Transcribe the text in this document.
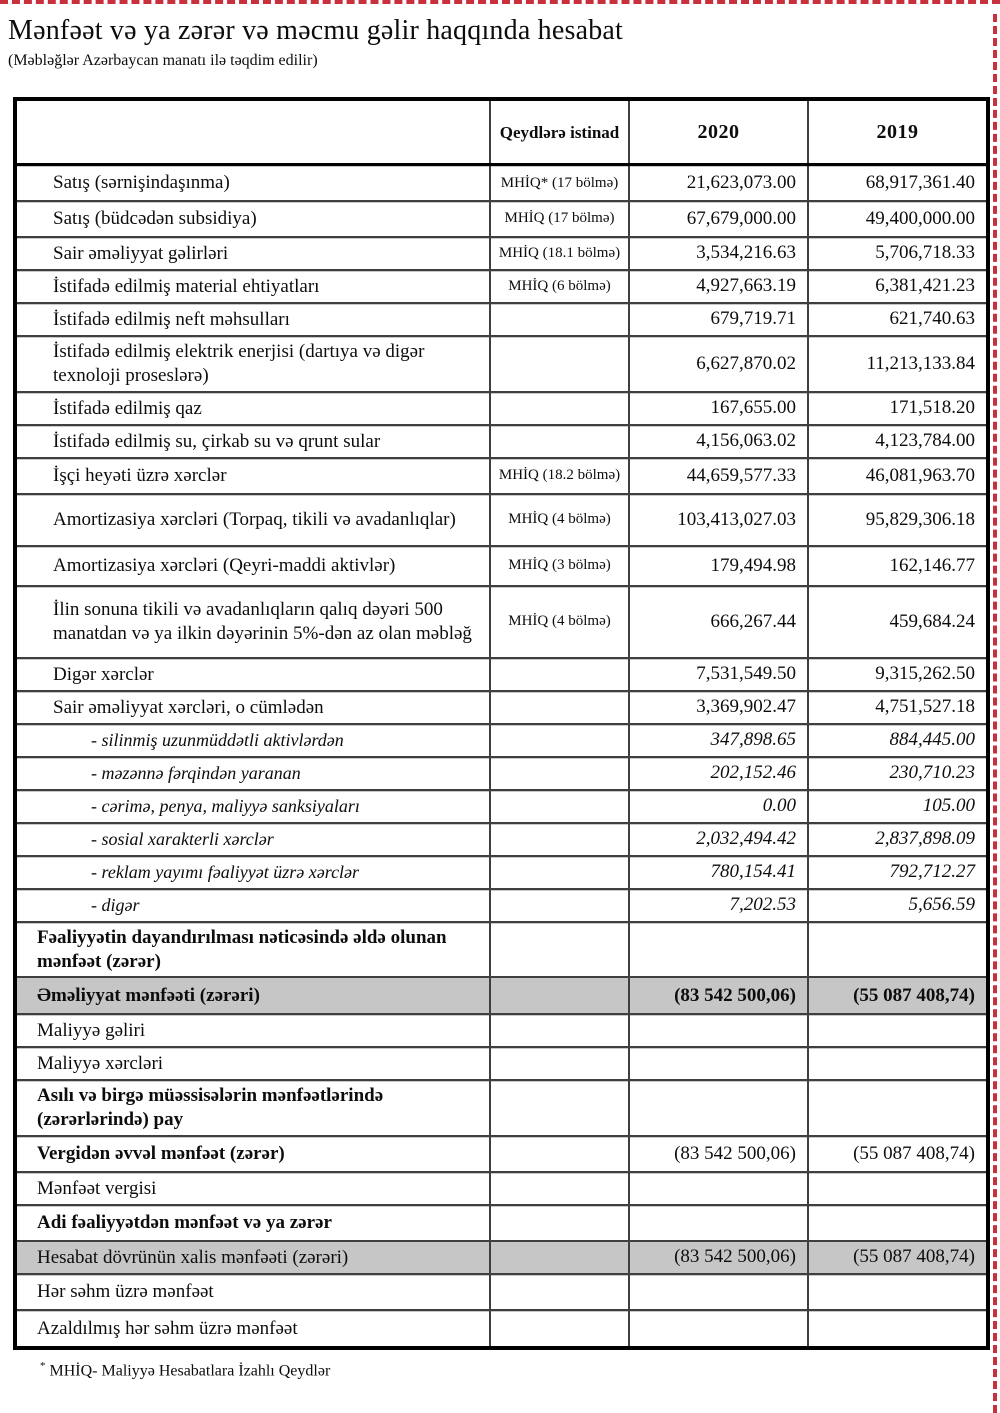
Mənfəət və ya zərər və məcmu gəlir haqqında hesabat
(Məbləğlər Azərbaycan manatı ilə təqdim edilir)
	Qeydlərə istinad	2020	2019
Satış (sərnişindaşınma)	MHİQ* (17 bölmə)	21,623,073.00	68,917,361.40
Satış (büdcədən subsidiya)	MHİQ (17 bölmə)	67,679,000.00	49,400,000.00
Sair əməliyyat gəlirləri	MHİQ (18.1 bölmə)	3,534,216.63	5,706,718.33
İstifadə edilmiş material ehtiyatları	MHİQ (6 bölmə)	4,927,663.19	6,381,421.23
İstifadə edilmiş neft məhsulları		679,719.71	621,740.63
İstifadə edilmiş elektrik enerjisi (dartıya və digər texnoloji proseslərə)		6,627,870.02	11,213,133.84
İstifadə edilmiş qaz		167,655.00	171,518.20
İstifadə edilmiş su, çirkab su və qrunt sular		4,156,063.02	4,123,784.00
İşçi heyəti üzrə xərclər	MHİQ (18.2 bölmə)	44,659,577.33	46,081,963.70
Amortizasiya xərcləri (Torpaq, tikili və avadanlıqlar)	MHİQ (4 bölmə)	103,413,027.03	95,829,306.18
Amortizasiya xərcləri (Qeyri-maddi aktivlər)	MHİQ (3 bölmə)	179,494.98	162,146.77
İlin sonuna tikili və avadanlıqların qalıq dəyəri 500 manatdan və ya ilkin dəyərinin 5%-dən az olan məbləğ	MHİQ (4 bölmə)	666,267.44	459,684.24
Digər xərclər		7,531,549.50	9,315,262.50
Sair əməliyyat xərcləri, o cümlədən		3,369,902.47	4,751,527.18
- silinmiş uzunmüddətli aktivlərdən		347,898.65	884,445.00
- məzənnə fərqindən yaranan		202,152.46	230,710.23
- cərimə, penya, maliyyə sanksiyaları		0.00	105.00
- sosial xarakterli xərclər		2,032,494.42	2,837,898.09
- reklam yayımı fəaliyyət üzrə xərclər		780,154.41	792,712.27
- digər		7,202.53	5,656.59
Fəaliyyətin dayandırılması nəticəsində əldə olunan mənfəət (zərər)			
Əməliyyat mənfəəti (zərəri)		(83 542 500,06)	(55 087 408,74)
Maliyyə gəliri			
Maliyyə xərcləri			
Asılı və birgə müəssisələrin mənfəətlərində (zərərlərində) pay			
Vergidən əvvəl mənfəət (zərər)		(83 542 500,06)	(55 087 408,74)
Mənfəət vergisi			
Adi fəaliyyətdən mənfəət və ya zərər			
Hesabat dövrünün xalis mənfəəti (zərəri)		(83 542 500,06)	(55 087 408,74)
Hər səhm üzrə mənfəət			
Azaldılmış hər səhm üzrə mənfəət			
* MHİQ- Maliyyə Hesabatlara İzahlı Qeydlər
